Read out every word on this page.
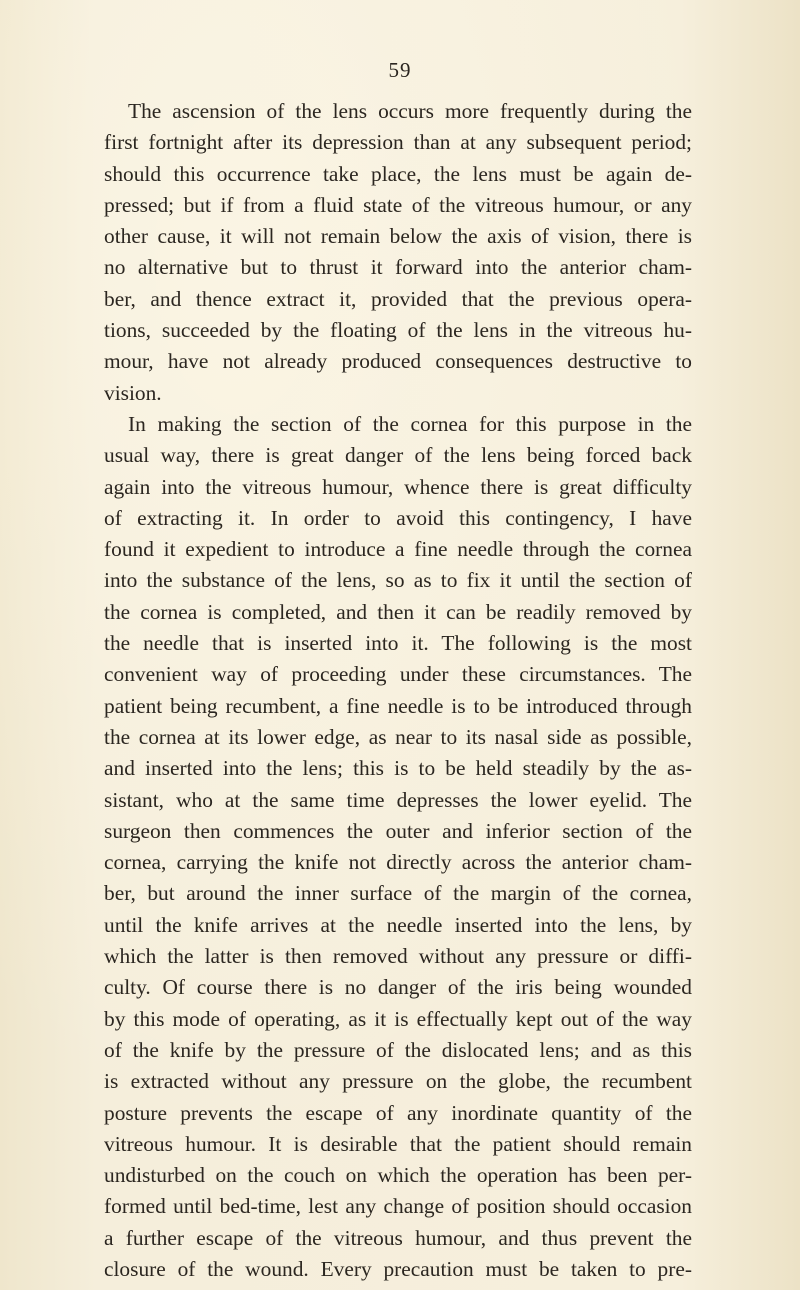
59
The ascension of the lens occurs more frequently during the
first fortnight after its depression than at any subsequent period;
should this occurrence take place, the lens must be again de-
pressed; but if from a fluid state of the vitreous humour, or any
other cause, it will not remain below the axis of vision, there is
no alternative but to thrust it forward into the anterior cham-
ber, and thence extract it, provided that the previous opera-
tions, succeeded by the floating of the lens in the vitreous hu-
mour, have not already produced consequences destructive to
vision.
In making the section of the cornea for this purpose in the
usual way, there is great danger of the lens being forced back
again into the vitreous humour, whence there is great difficulty
of extracting it. In order to avoid this contingency, I have
found it expedient to introduce a fine needle through the cornea
into the substance of the lens, so as to fix it until the section of
the cornea is completed, and then it can be readily removed by
the needle that is inserted into it. The following is the most
convenient way of proceeding under these circumstances. The
patient being recumbent, a fine needle is to be introduced through
the cornea at its lower edge, as near to its nasal side as possible,
and inserted into the lens; this is to be held steadily by the as-
sistant, who at the same time depresses the lower eyelid. The
surgeon then commences the outer and inferior section of the
cornea, carrying the knife not directly across the anterior cham-
ber, but around the inner surface of the margin of the cornea,
until the knife arrives at the needle inserted into the lens, by
which the latter is then removed without any pressure or diffi-
culty. Of course there is no danger of the iris being wounded
by this mode of operating, as it is effectually kept out of the way
of the knife by the pressure of the dislocated lens; and as this
is extracted without any pressure on the globe, the recumbent
posture prevents the escape of any inordinate quantity of the
vitreous humour. It is desirable that the patient should remain
undisturbed on the couch on which the operation has been per-
formed until bed-time, lest any change of position should occasion
a further escape of the vitreous humour, and thus prevent the
closure of the wound. Every precaution must be taken to pre-
